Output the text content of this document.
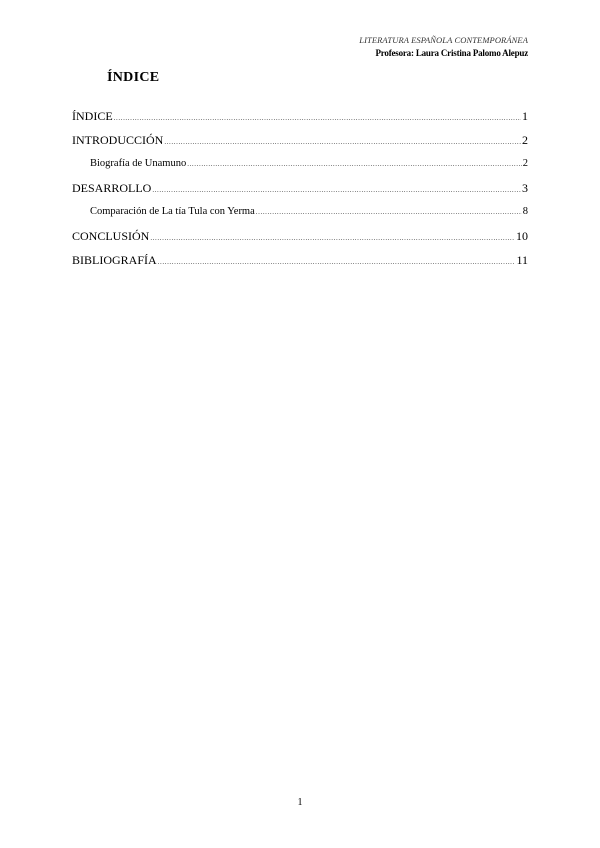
LITERATURA ESPAÑOLA CONTEMPORÁNEA
Profesora: Laura Cristina Palomo Alepuz
ÍNDICE
ÍNDICE .....	1
INTRODUCCIÓN .....	2
Biografía de Unamuno .....	2
DESARROLLO .....	3
Comparación de La tía Tula con Yerma .....	8
CONCLUSIÓN .....	10
BIBLIOGRAFÍA .....	11
1
